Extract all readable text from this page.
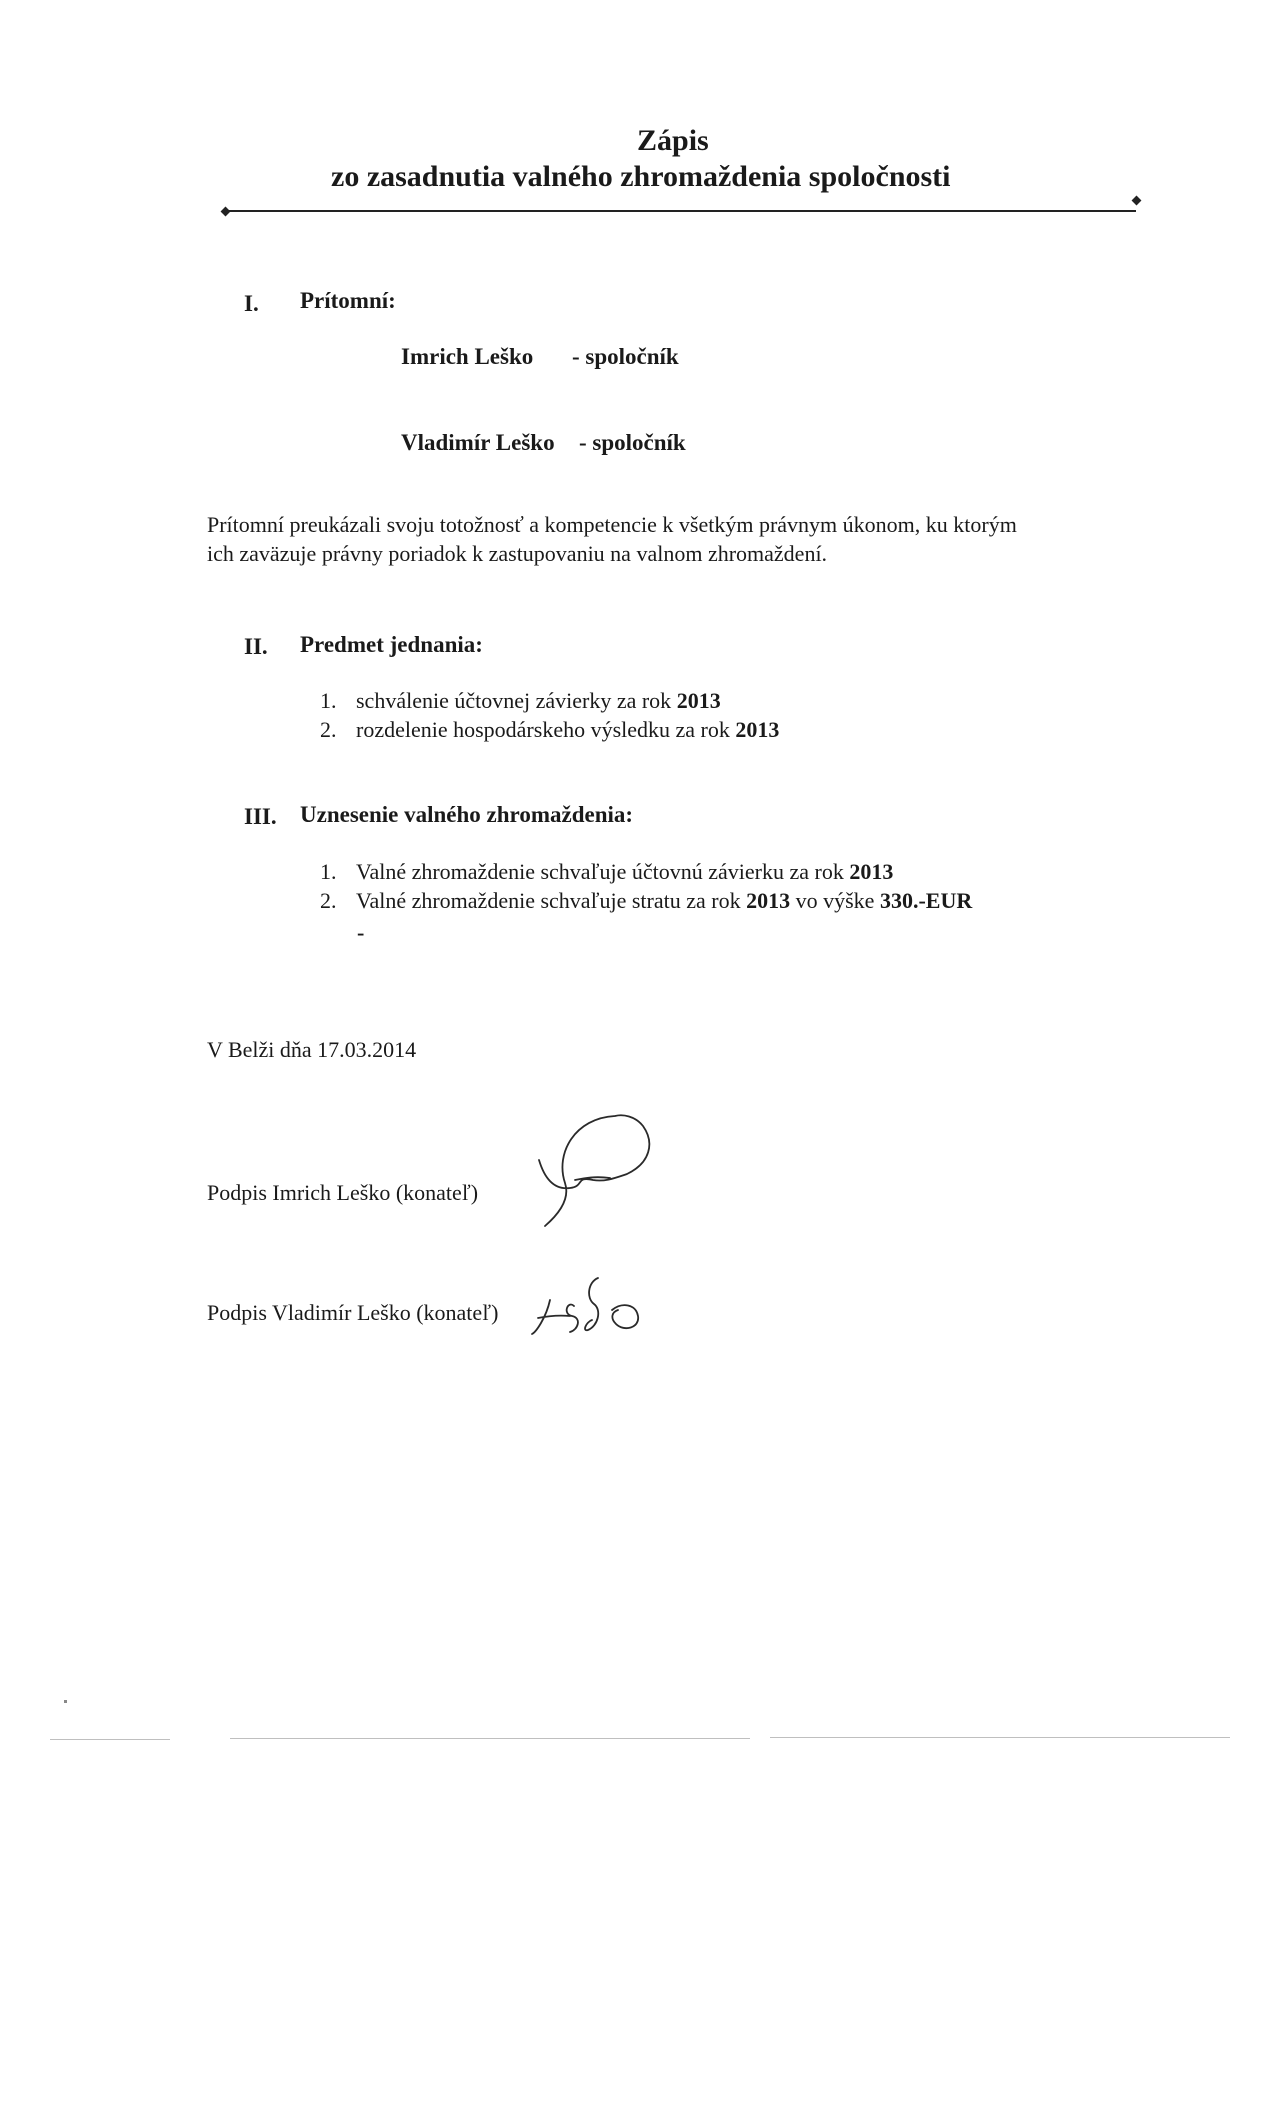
Zápis
zo zasadnutia valného zhromaždenia spoločnosti
I. Prítomní:
Imrich Leško - spoločník
Vladimír Leško - spoločník
Prítomní preukázali svoju totožnosť a kompetencie k všetkým právnym úkonom, ku ktorým
ich zaväzuje právny poriadok k zastupovaniu na valnom zhromaždení.
II. Predmet jednania:
1. schválenie účtovnej závierky za rok 2013
2. rozdelenie hospodárskeho výsledku za rok 2013
III. Uznesenie valného zhromaždenia:
1. Valné zhromaždenie schvaľuje účtovnú závierku za rok 2013
2. Valné zhromaždenie schvaľuje stratu za rok 2013 vo výške 330.-EUR
-
V Belži dňa 17.03.2014
Podpis Imrich Leško (konateľ)
Podpis Vladimír Leško (konateľ)
